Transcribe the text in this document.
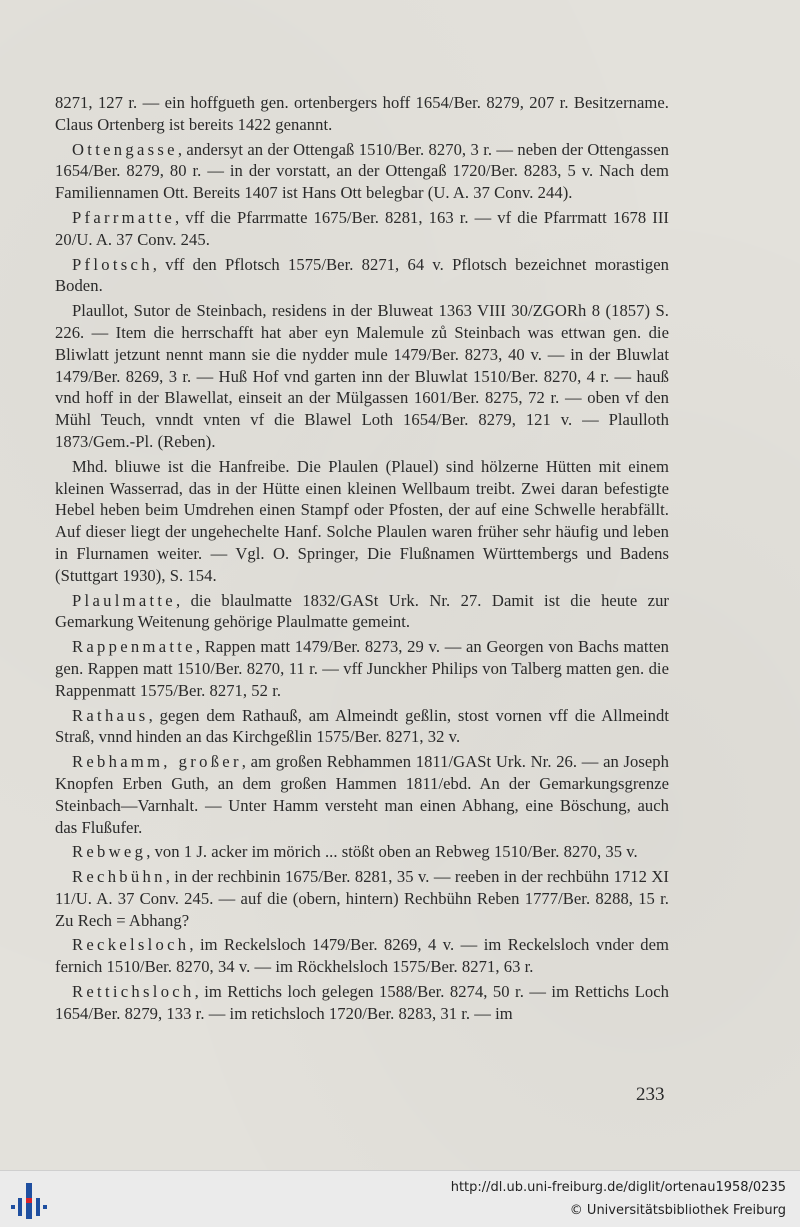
8271, 127 r. — ein hoffgueth gen. ortenbergers hoff 1654/Ber. 8279, 207 r. Besitzername. Claus Ortenberg ist bereits 1422 genannt.

Ottengasse, andersyt an der Ottengaß 1510/Ber. 8270, 3 r. — neben der Ottengassen 1654/Ber. 8279, 80 r. — in der vorstatt, an der Ottengaß 1720/Ber. 8283, 5 v. Nach dem Familiennamen Ott. Bereits 1407 ist Hans Ott belegbar (U. A. 37 Conv. 244).

Pfarrmatte, vff die Pfarrmatte 1675/Ber. 8281, 163 r. — vf die Pfarrmatt 1678 III 20/U. A. 37 Conv. 245.

Pflotsch, vff den Pflotsch 1575/Ber. 8271, 64 v. Pflotsch bezeichnet morastigen Boden.

Plaullot, Sutor de Steinbach, residens in der Bluweat 1363 VIII 30/ZGORh 8 (1857) S. 226. — Item die herrschafft hat aber eyn Malemule zů Steinbach was ettwan gen. die Bliwlatt jetzunt nennt mann sie die nydder mule 1479/Ber. 8273, 40 v. — in der Bluwlat 1479/Ber. 8269, 3 r. — Huß Hof vnd garten inn der Bluwlat 1510/Ber. 8270, 4 r. — hauß vnd hoff in der Blawellat, einseit an der Mülgassen 1601/Ber. 8275, 72 r. — oben vf den Mühl Teuch, vnndt vnten vf die Blawel Loth 1654/Ber. 8279, 121 v. — Plaulloth 1873/Gem.-Pl. (Reben).

Mhd. bliuwe ist die Hanfreibe. Die Plaulen (Plauel) sind hölzerne Hütten mit einem kleinen Wasserrad, das in der Hütte einen kleinen Wellbaum treibt. Zwei daran befestigte Hebel heben beim Umdrehen einen Stampf oder Pfosten, der auf eine Schwelle herabfällt. Auf dieser liegt der ungehechelte Hanf. Solche Plaulen waren früher sehr häufig und leben in Flurnamen weiter. — Vgl. O. Springer, Die Flußnamen Württembergs und Badens (Stuttgart 1930), S. 154.

Plaulmatte, die blaulmatte 1832/GASt Urk. Nr. 27. Damit ist die heute zur Gemarkung Weitenung gehörige Plaulmatte gemeint.

Rappenmatte, Rappen matt 1479/Ber. 8273, 29 v. — an Georgen von Bachs matten gen. Rappen matt 1510/Ber. 8270, 11 r. — vff Junckher Philips von Talberg matten gen. die Rappenmatt 1575/Ber. 8271, 52 r.

Rathaus, gegen dem Rathauß, am Almeindt geßlin, stost vornen vff die Allmeindt Straß, vnnd hinden an das Kirchgeßlin 1575/Ber. 8271, 32 v.

Rebhamm, großer, am großen Rebhammen 1811/GASt Urk. Nr. 26. — an Joseph Knopfen Erben Guth, an dem großen Hammen 1811/ebd. An der Gemarkungsgrenze Steinbach—Varnhalt. — Unter Hamm versteht man einen Abhang, eine Böschung, auch das Flußufer.

Rebweg, von 1 J. acker im mörich ... stößt oben an Rebweg 1510/Ber. 8270, 35 v.

Rechbühn, in der rechbinin 1675/Ber. 8281, 35 v. — reeben in der rechbühn 1712 XI 11/U. A. 37 Conv. 245. — auf die (obern, hintern) Rechbühn Reben 1777/Ber. 8288, 15 r. Zu Rech = Abhang?

Reckelsloch, im Reckelsloch 1479/Ber. 8269, 4 v. — im Reckelsloch vnder dem fernich 1510/Ber. 8270, 34 v. — im Röckhelsloch 1575/Ber. 8271, 63 r.

Rettichsloch, im Rettichs loch gelegen 1588/Ber. 8274, 50 r. — im Rettichs Loch 1654/Ber. 8279, 133 r. — im retichsloch 1720/Ber. 8283, 31 r. — im

233
http://dl.ub.uni-freiburg.de/diglit/ortenau1958/0235
© Universitätsbibliothek Freiburg
